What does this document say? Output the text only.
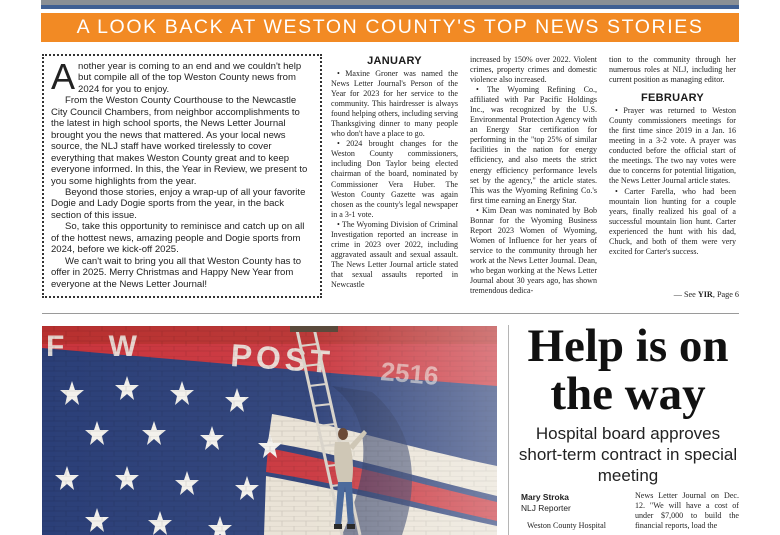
A LOOK BACK AT WESTON COUNTY'S TOP NEWS STORIES

Another year is coming to an end and we couldn't help but compile all of the top Weston County news from 2024 for you to enjoy.

From the Weston County Courthouse to the Newcastle City Council Chambers, from neighbor accomplishments to the latest in high school sports, the News Letter Journal brought you the news that mattered. As your local news source, the NLJ staff have worked tirelessly to cover everything that makes Weston County great and to keep everyone informed. In this, the Year in Review, we present to you some highlights from the year.

Beyond those stories, enjoy a wrap-up of all your favorite Dogie and Lady Dogie sports from the year, in the back section of this issue.

So, take this opportunity to reminisce and catch up on all of the hottest news, amazing people and Dogie sports from 2024, before we kick-off 2025.

We can't wait to bring you all that Weston County has to offer in 2025. Merry Christmas and Happy New Year from everyone at the News Letter Journal!

JANUARY

• Maxine Groner was named the News Letter Journal's Person of the Year for 2023 for her service to the community. This hairdresser is always found helping others, including serving Thanksgiving dinner to many people who don't have a place to go.

• 2024 brought changes for the Weston County commissioners, including Don Taylor being elected chairman of the board, nominated by Commissioner Vera Huber. The Weston County Gazette was again chosen as the county's legal newspaper in a 3-1 vote.

• The Wyoming Division of Criminal Investigation reported an increase in crime in 2023 over 2022, including aggravated assault and sexual assault. The News Letter Journal article stated that sexual assaults reported in Newcastle

increased by 150% over 2022. Violent crimes, property crimes and domestic violence also increased.

• The Wyoming Refining Co., affiliated with Par Pacific Holdings Inc., was recognized by the U.S. Environmental Protection Agency with an Energy Star certification for performing in the "top 25% of similar facilities in the nation for energy efficiency, and also meets the strict energy efficiency performance levels set by the agency," the article states. This was the Wyoming Refining Co.'s first time earning an Energy Star.

• Kim Dean was nominated by Bob Bonnar for the Wyoming Business Report 2023 Women of Wyoming, Women of Influence for her years of service to the community through her work at the News Letter Journal. Dean, who began working at the News Letter Journal about 30 years ago, has shown tremendous dedica-

tion to the community through her numerous roles at NLJ, including her current position as managing editor.

FEBRUARY

• Prayer was returned to Weston County commissioners meetings for the first time since 2019 in a Jan. 16 meeting in a 3-2 vote. A prayer was conducted before the official start of the meetings. The two nay votes were due to concerns for potential litigation, the News Letter Journal article states.

• Carter Farella, who had been mountain lion hunting for a couple years, finally realized his goal of a successful mountain lion hunt. Carter experienced the hunt with his dad, Chuck, and both of them were very excited for Carter's success.

— See YIR, Page 6
Help is on the way
Hospital board approves short-term contract in special meeting
Mary Stroka
NLJ Reporter
Weston County Hospital
News Letter Journal on Dec. 12. "We will have a cost of under $7,000 to build the financial reports, load the
